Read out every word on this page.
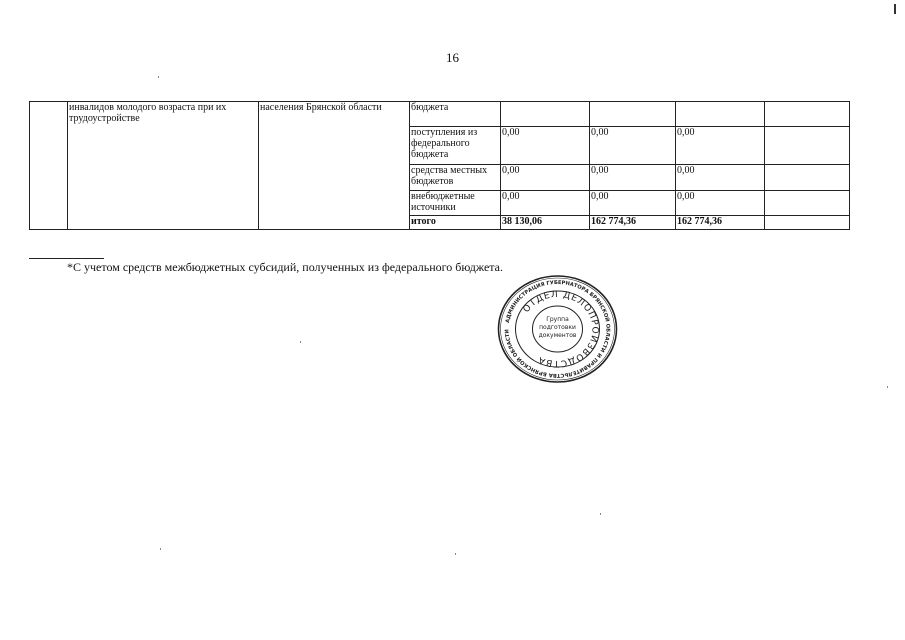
16
	инвалидов молодого возраста при их трудоустройстве	населения Брянской области	бюджета				
			поступления из федерального бюджета	0,00	0,00	0,00	
			средства местных бюджетов	0,00	0,00	0,00	
			внебюджетные источники	0,00	0,00	0,00	
			итого	38 130,06	162 774,36	162 774,36	
*С учетом средств межбюджетных субсидий, полученных из федерального бюджета.
АДМИНИСТРАЦИЯ ГУБЕРНАТОРА БРЯНСКОЙ ОБЛАСТИ И ПРАВИТЕЛЬСТВА БРЯНСКОЙ ОБЛАСТИ
ОТДЕЛ ДЕЛОПРОИЗВОДСТВА
Группа
подготовки
документов
